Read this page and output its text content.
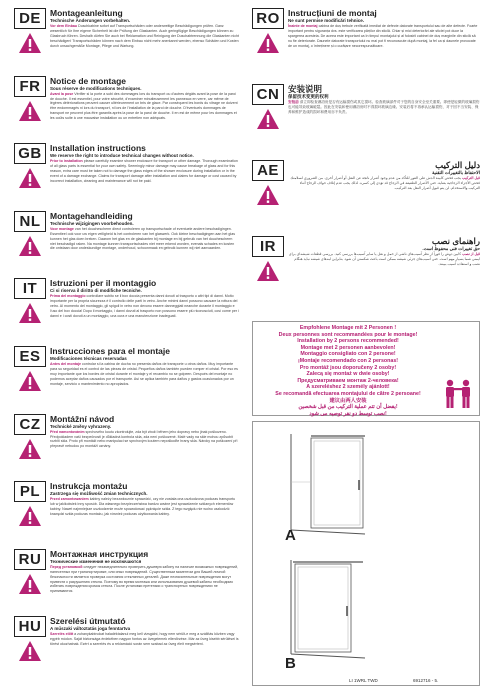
DE	Montageanleitung
Technische Änderungen vorbehalten.
Vor dem Einbau Duschkabine sofort auf Transportschäden oder anderweitige Beschädigungen prüfen. Ganz wesentlich für Ihre eigene Sicherheit ist die Prüfung der Glaskanten. Auch geringfügige Beschädigungen können zu Glasbruch führen. Deshalb dürfen Sie auch bei Reklamation und Reinigung der Duschabtrennung die Glaskanten nicht beschädigen! Transportschäden können nach dem Einbau nicht mehr anerkannt werden, ebenso Schäden und Kosten durch unsachgemäße Montage, Pflege und Wartung.
FR	Notice de montage
Sous réserve de modifications techniques.
Avant la pose Vérifier si la porte a subi des dommages lors du transport ou d'autres dégâts avant la pose de la paroi de douche. Il est essentiel, pour votre sécurité, d'examiner minutieusement les panneaux en verre, car même de légères détériorations peuvent causer ultérieurement un bris de glace. Par conséquent les bords du vitrage ne doivent être endommagés ni lors du transport, ni lors de l'installation de la paroi de douche. D'éventuels dommages de transport ne peuvent plus être garantis après la pose de la paroi de douche. Il en est de même pour les dommages et les coûts suite à une mauvaise installation ou un entretien non adéquats.
GB Installation instructions
We reserve the right to introduce technical changes without notice.
Prior to installation please carefully examine shower enclosure for transport or other damage. Thorough examination of all glass parts is essential for your own safety. Seemingly minor damage may cause breakage of glass and for this reason, extra care must be taken not to damage the glass edges of the shower enclosure during installation or in the event of a damage exchange. Claims for transport damage after installation and claims for damage or cost caused by incorrect installation, cleaning and maintenance will not be paid.
NL	Montagehandleiding
Technische wijzigingen voorbehouden.
Voor montage van het douchescherm direct controleren op transportschade of eventuele andere beschadigingen. Essentieel ook voor uw eigen veiligheid is het controleren van het glaswerk. Ook kleine beschadigingen aan het glas kunnen het glas doen breken. Daarom het glas en de glaskanten bij montage en bij gebruik van het douchescherm niet beschadigd raken. Na montage kunnen transportschades niet meer erkend worden, evenals schades en kosten die ontstaan door ondeskundige montage, onderhoud, schoonmaak en gebruik kunnen wij niet aanvaarden.
IT	Istruzioni per il montaggio
Ci si riserva il diritto di modifiche tecniche.
Prima del montaggio controllare subito se il box doccia presenta danni dovuti al trasporto o altri tipi di danni. Molto importante per la propria sicurezza è il controllo delle parti in vetro. Anche minimi danni possono causare la rottura del vetro. Al momento del montaggio, gli spigoli in vetro non devono essere danneggiati neanche durante il montaggio e l'uso del box doccia! Dopo il montaggio, i danni dovuti al trasporto non possono essere più riconosciuti, così come per i danni e i costi dovuti a un montaggio, una cura e una manutenzione inadeguati.
ES	Instrucciones para el montaje
Modificaciones técnicas reservadas
Antes del montaje controlar si la cabina de ducha no presenta daños de transporte u otros daños. Muy importante para su seguridad es el control de las piezas de cristal. Pequeños daños también pueden romper el cristal. Por eso es muy importante que los bordes de cristal durante el montaje y el recambio no se golpeen. Después del montaje no podemos aceptar daños causados por el transporte. Así se aplica también para daños y gastos ocasionados por un montaje, servicio o mantenimiento no apropiados.
CZ	Montážní návod
Technické změny vyhrazeny.
Před namontováním sprchového koutu zkontrolujte, zda být zboží během jeho dopravy nebo jinak poškozeno. Předpokladem vaší bezpečnosti je důkladná kontrola skla, zda není poškozené. Malé vady na skle mohou způsobit rozbití skla. Proto při montáži nebo manipulaci se sprchovým koutem nepoškoďte hrany skla. Nároky na poškození při přepravě nebudou po montáži uznány.
PL	Instrukcja montażu
Zastrzega się możliwość zmian technicznych.
Przed zamontowaniem kabiny należy bezzwłocznie sprawdzić, czy nie została ona uszkodzona podczas transportu lub w jakikolwiek inny sposób. Dla własnego bezpieczeństwa bardzo ważne jest sprawdzenie szklanych elementów kabiny. Nawet najmniejsze uszkodzenie może spowodować pęknięcie szkła. Z tego względu nie wolno uszkodzić krawędzi szkła podczas montażu, jak również podczas użytkowania kabiny.
RU	Монтажная инструкция
Технические изменения не исключаются
Перед установкой следует незамедлительно проверить душевую кабину на наличие возможных повреждений, нанесенных при транспортировке, или иных повреждений. Существенным моментом для Вашей личной безопасности является проверка состояния стеклянных деталей. Даже незначительные повреждения могут привести к разрушению стекла. Поэтому во время монтажа или использования душевой кабины необходимо избегать повреждения кромок стекла. После установки претензии о транспортных повреждениях не принимаются.
HU	Szerelési útmutató
A műszaki változtatás joga fenntartva
Szerelés előtt a zuhanykabinokat haladéktalanul meg kell vizsgálni, hogy nem sérült-e meg a szállítás közben vagy egyéb módon. Saját biztonsága érdekében nagyon fontos az üvegelemek ellenőrzése. Már az üveg kisebb sérülései is törést okozhatnak. Ezért a szerelés és a reklamáció során sem szabad az üveg éleit megsérteni.
RO Instrucțiuni de montaj
Ne sunt permise modificări tehnice.
Înainte de montaj cabina de duș trebuie verificată imediat de defecte datorate transportului sau de alte defecte. Foarte important pentru siguranța dvs. este verificarea părților din sticlă. Chiar și mici deteriorări ale sticlei pot duce la spargerea acesteia. De aceea este important ca în timpul montajului și al folosirii cabinei de duș marginile din sticlă să nu fie deteriorate. Daunele datorate transportului nu mai pot fi recunoscute după montaj, la fel ca și daunele provocate de un montaj, o întreținere și o curățare necorespunzătoare.
CN	安装说明
保留技术变更的权利
安装前 请立即检查淋浴房是否有运输损伤或其它损坏。检查玻璃部件对于您的自身安全至关重要。即使是轻微的玻璃损伤也可能导致玻璃破裂。因此在安装和使用淋浴房时不得损坏玻璃边缘。安装后将不再承认运输损伤，对于因不当安装、保养和维护造成的损坏和费用亦不负责。
AE	دليل التركيب
الاحتفاظ بالتغييرات التقنية
قبل التركيب يجب فحص كابينة الدش على الفور للتأكد من عدم وجود أضرار ناتجة عن النقل أو أضرار أخرى. من الضروري لسلامتك فحص الأجزاء الزجاجية بعناية. حتى الأضرار الطفيفة في الزجاج قد تؤدي إلى كسره. لذلك يجب عدم إتلاف حواف الزجاج أثناء التركيب والاستخدام. لن يتم قبول أضرار النقل بعد التركيب.
IR	راهنمای نصب
حق تغییرات فنی محفوظ است.
قبل از نصب کابین دوش را فوراً از نظر آسیب‌های ناشی از حمل و نقل یا سایر آسیب‌ها بررسی کنید. بررسی قطعات شیشه‌ای برای ایمنی شما بسیار مهم است. حتی آسیب‌های جزئی شیشه ممکن است باعث شکستن آن شود. بنابراین لبه‌های شیشه نباید هنگام نصب و استفاده آسیب ببینند.
Empfohlene Montage mit 2 Personen !
Deux personnes sont recommandées pour le montage!
Installation by 2 persons recommended!
Montage met 2 personen aanbevolen!
Montaggio consigliato con 2 persone!
¡Montaje recomendado con 2 personas!
Pro montáž jsou doporučeny 2 osoby!
Zalecą się montaż w dwie osoby!
Предусматриваем монтаж 2-человека!
A szereléshez 2 személy ajánlott!
Se recomandă efectuarea montajului de către 2 persoane!
建议由两人安装
يفضل أن تتم عملية التركيب من قبل شخصين!
نصب توسط دو نفر توصیه می شود!
A
B
LI 1WRL TWD	6912716 - 5.
